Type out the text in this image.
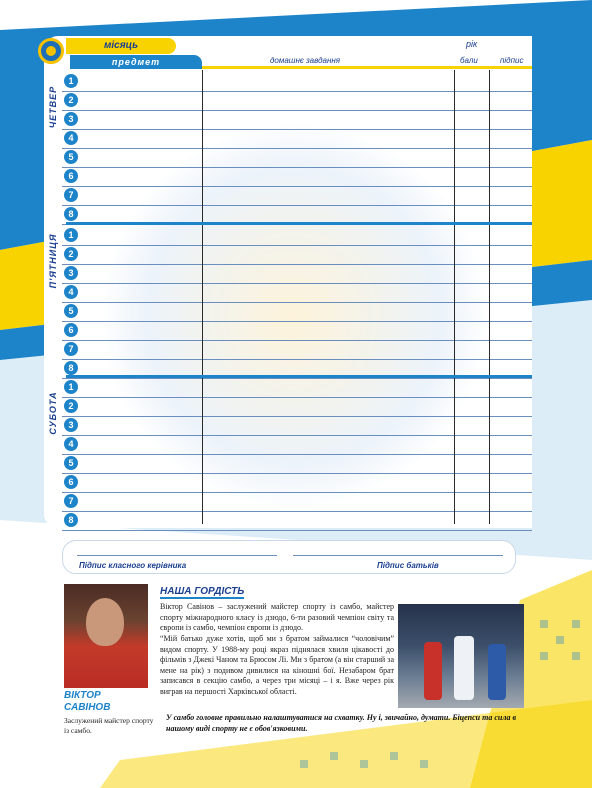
місяць	рік
предмет	домашнє завдання	бали	підпис
ЧЕТВЕР
1
2
3
4
5
6
7
8
П'ЯТНИЦЯ	1
2
3
4
5
6
7
8
СУБОТА
1
2
3
4
5
6
7
8
Підпис класного керівника	Підпис батьків
ВІКТОР
САВІНОВ
Заслужений майстер спорту із самбо.
НАША ГОРДІСТЬ
Віктор Савінов – заслужений майстер спорту із самбо, майстер спорту міжнародного класу із дзюдо, 6-ти разовий чемпіон світу та європи із самбо, чемпіон європи із дзюдо.
“Мій батько дуже хотів, щоб ми з братом займалися “чоловічим” видом спорту. У 1988-му році якраз піднялася хвиля цікавості до фільмів з Джекі Чаном та Брюсом Лі. Ми з братом (а він старший за мене на рік) з подивом дивилися на кіношні бої. Незабаром брат записався в секцію самбо, а через три місяці – і я. Вже через рік виграв на першості Харківської області.
У самбо головне правильно налаштуватися на схватку. Ну і, звичайно, думати. Біцепси та сила в нашому виді спорту не є обов'язковими.
